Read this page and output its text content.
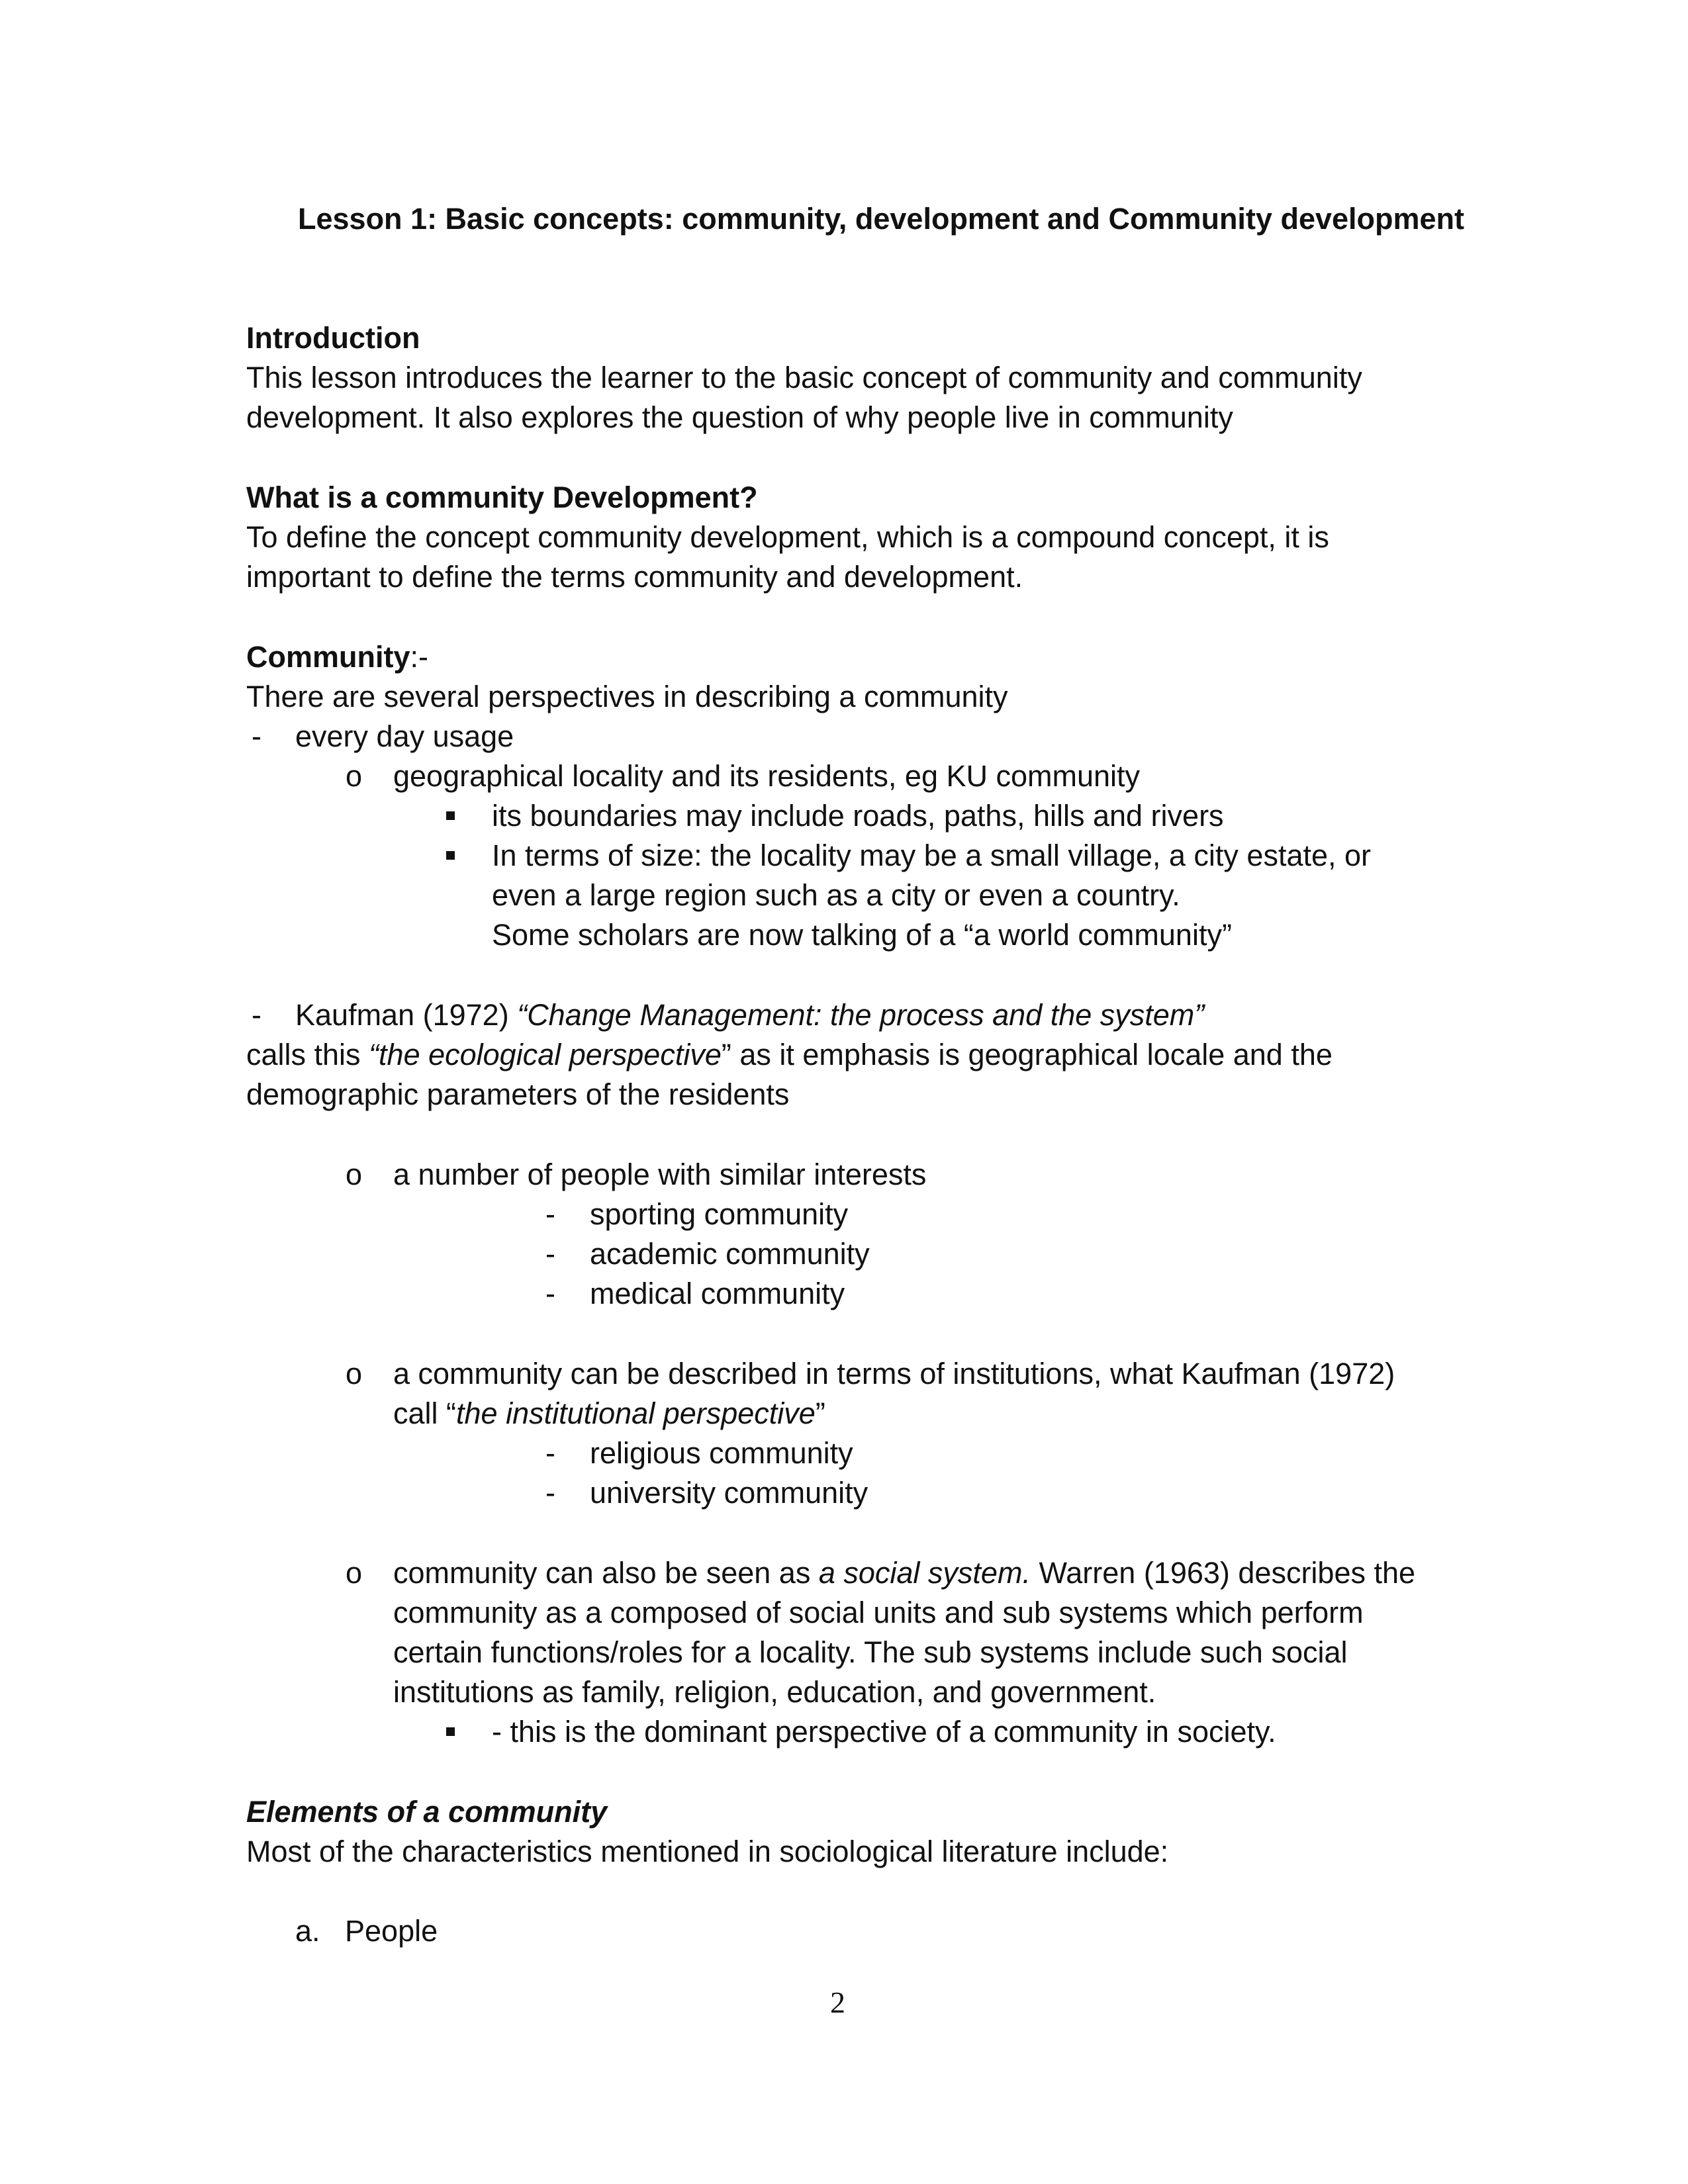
Lesson 1: Basic concepts: community, development and Community development
Introduction
This lesson introduces the learner to the basic concept of community and community
development. It also explores the question of why people live in community
What is a community Development?
To define the concept community development, which is a compound concept, it is
important to define the terms community and development.
Community:-
There are several perspectives in describing a community
- every day usage
o geographical locality and its residents, eg KU community
its boundaries may include roads, paths, hills and rivers
In terms of size: the locality may be a small village, a city estate, or
even a large region such as a city or even a country.
Some scholars are now talking of a “a world community”
- Kaufman (1972) “Change Management: the process and the system”
calls this “the ecological perspective” as it emphasis is geographical locale and the
demographic parameters of the residents
o a number of people with similar interests
- sporting community
- academic community
- medical community
o a community can be described in terms of institutions, what Kaufman (1972)
call “the institutional perspective”
- religious community
- university community
o community can also be seen as a social system. Warren (1963) describes the
community as a composed of social units and sub systems which perform
certain functions/roles for a locality. The sub systems include such social
institutions as family, religion, education, and government.
- this is the dominant perspective of a community in society.
Elements of a community
Most of the characteristics mentioned in sociological literature include:
a. People
2
